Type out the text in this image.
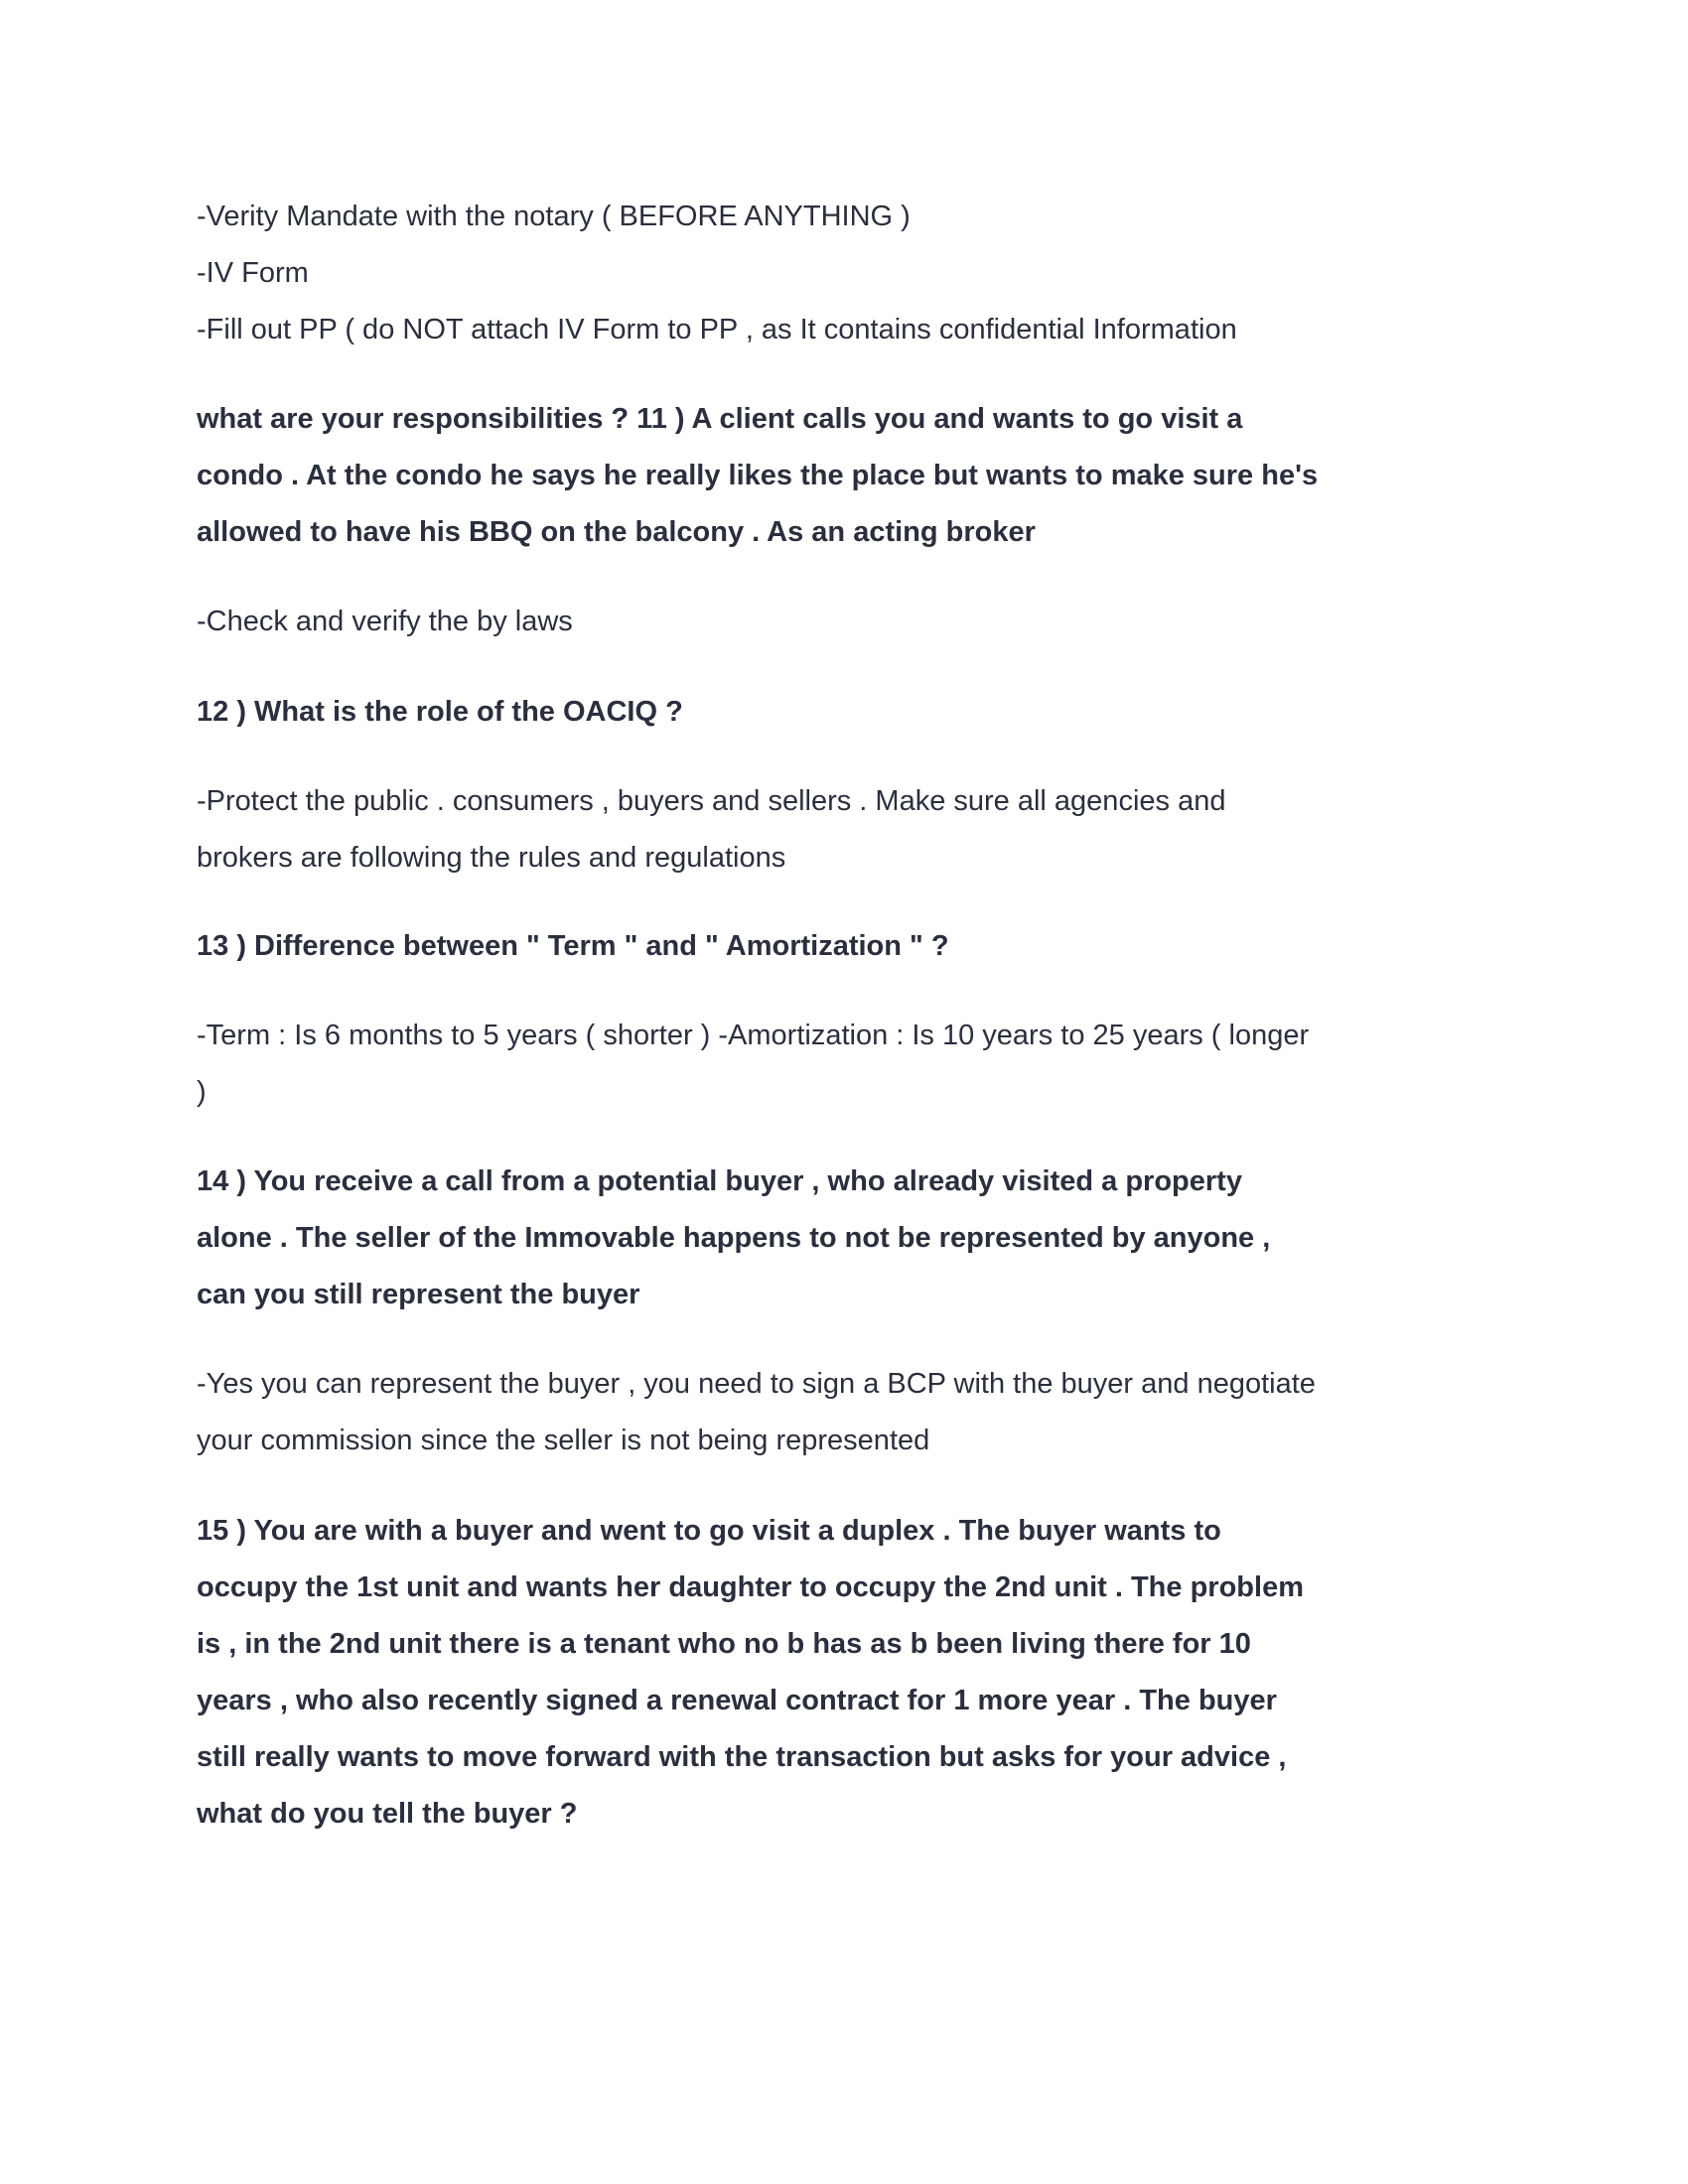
-Verity Mandate with the notary ( BEFORE ANYTHING )
-IV Form
-Fill out PP ( do NOT attach IV Form to PP , as It contains confidential Information
what are your responsibilities ? 11 ) A client calls you and wants to go visit a
condo . At the condo he says he really likes the place but wants to make sure he's
allowed to have his BBQ on the balcony . As an acting broker
-Check and verify the by laws
12 ) What is the role of the OACIQ ?
-Protect the public . consumers , buyers and sellers . Make sure all agencies and
brokers are following the rules and regulations
13 ) Difference between " Term " and " Amortization " ?
-Term : Is 6 months to 5 years ( shorter ) -Amortization : Is 10 years to 25 years ( longer
)
14 ) You receive a call from a potential buyer , who already visited a property
alone . The seller of the Immovable happens to not be represented by anyone ,
can you still represent the buyer
-Yes you can represent the buyer , you need to sign a BCP with the buyer and negotiate
your commission since the seller is not being represented
15 ) You are with a buyer and went to go visit a duplex . The buyer wants to
occupy the 1st unit and wants her daughter to occupy the 2nd unit . The problem
is , in the 2nd unit there is a tenant who no b has as b been living there for 10
years , who also recently signed a renewal contract for 1 more year . The buyer
still really wants to move forward with the transaction but asks for your advice ,
what do you tell the buyer ?
